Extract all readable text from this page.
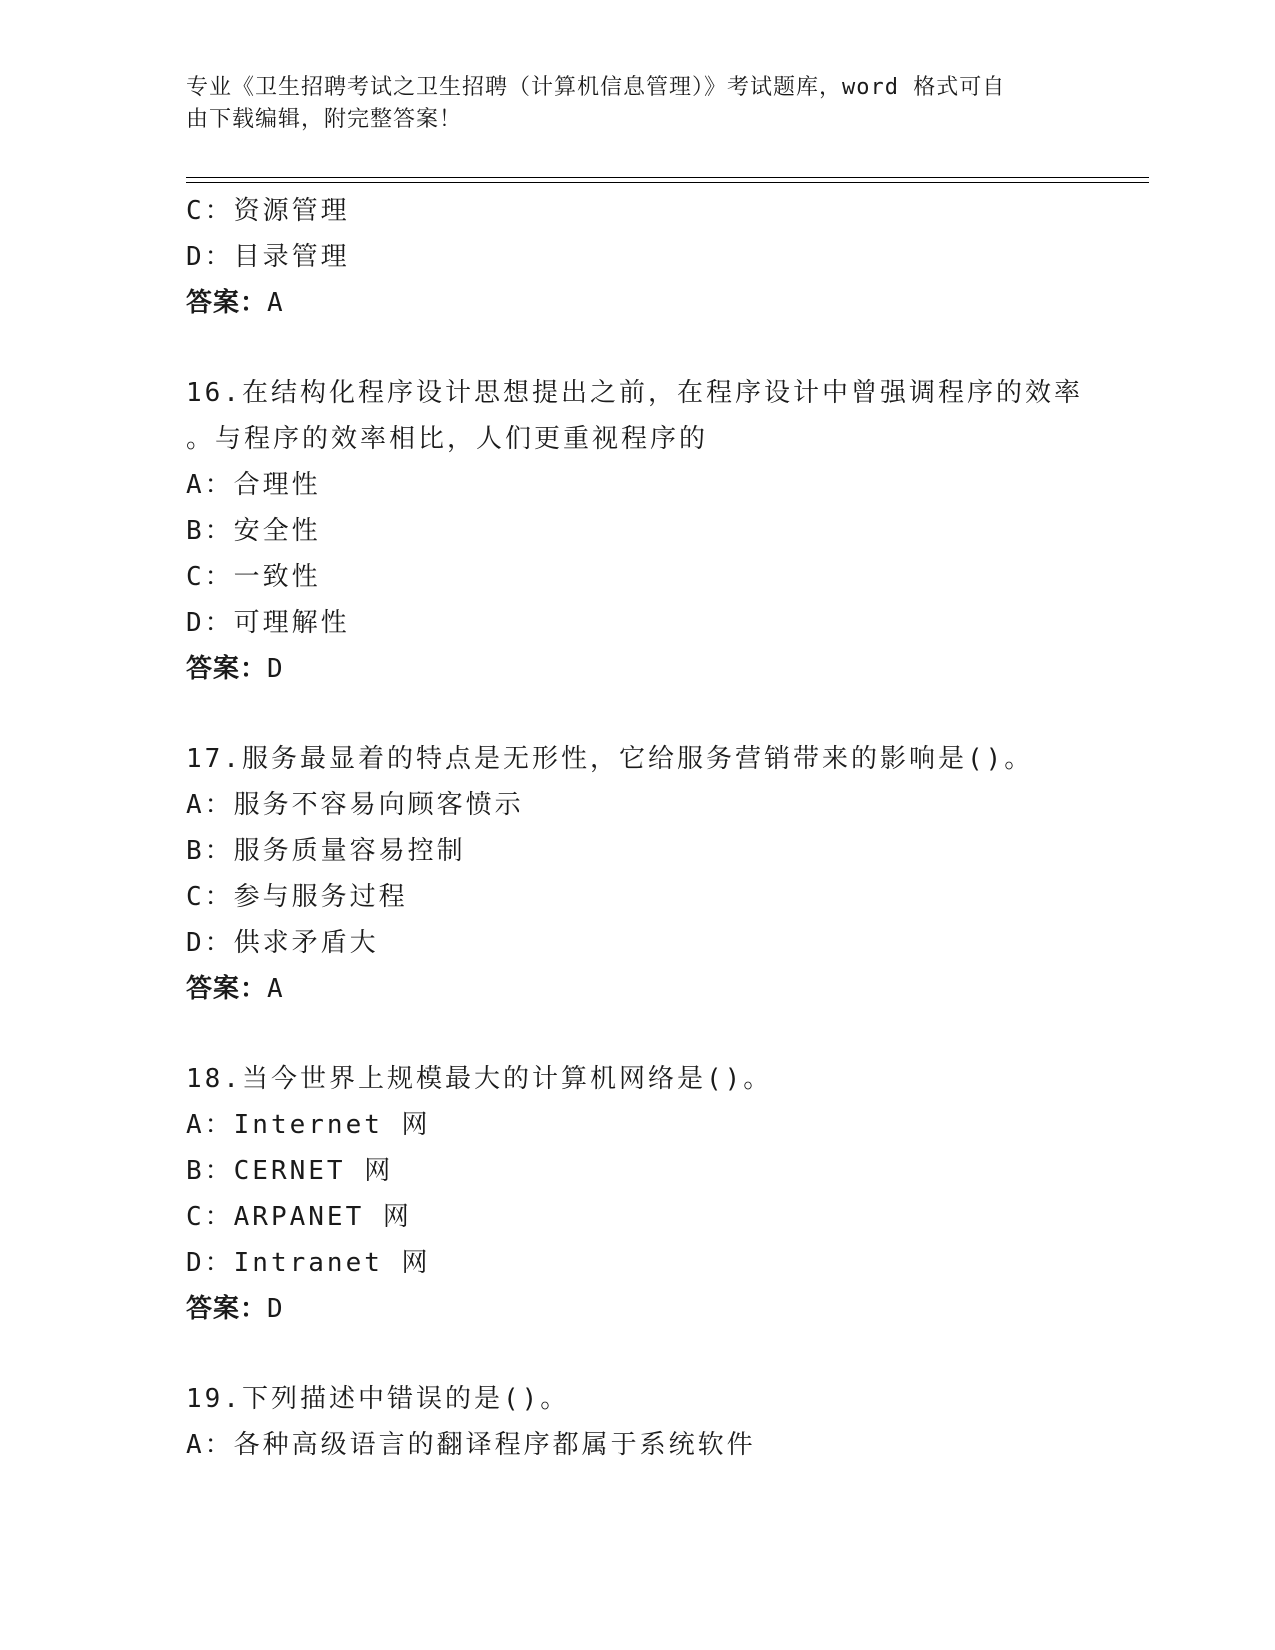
专业《卫生招聘考试之卫生招聘（计算机信息管理）》考试题库，word 格式可自
由下载编辑，附完整答案！
C：资源管理
D：目录管理
答案：A
16.在结构化程序设计思想提出之前，在程序设计中曾强调程序的效率
。与程序的效率相比，人们更重视程序的
A：合理性
B：安全性
C：一致性
D：可理解性
答案：D
17.服务最显着的特点是无形性，它给服务营销带来的影响是()。
A：服务不容易向顾客愤示
B：服务质量容易控制
C：参与服务过程
D：供求矛盾大
答案：A
18.当今世界上规模最大的计算机网络是()。
A：Internet 网
B：CERNET 网
C：ARPANET 网
D：Intranet 网
答案：D
19.下列描述中错误的是()。
A：各种高级语言的翻译程序都属于系统软件
